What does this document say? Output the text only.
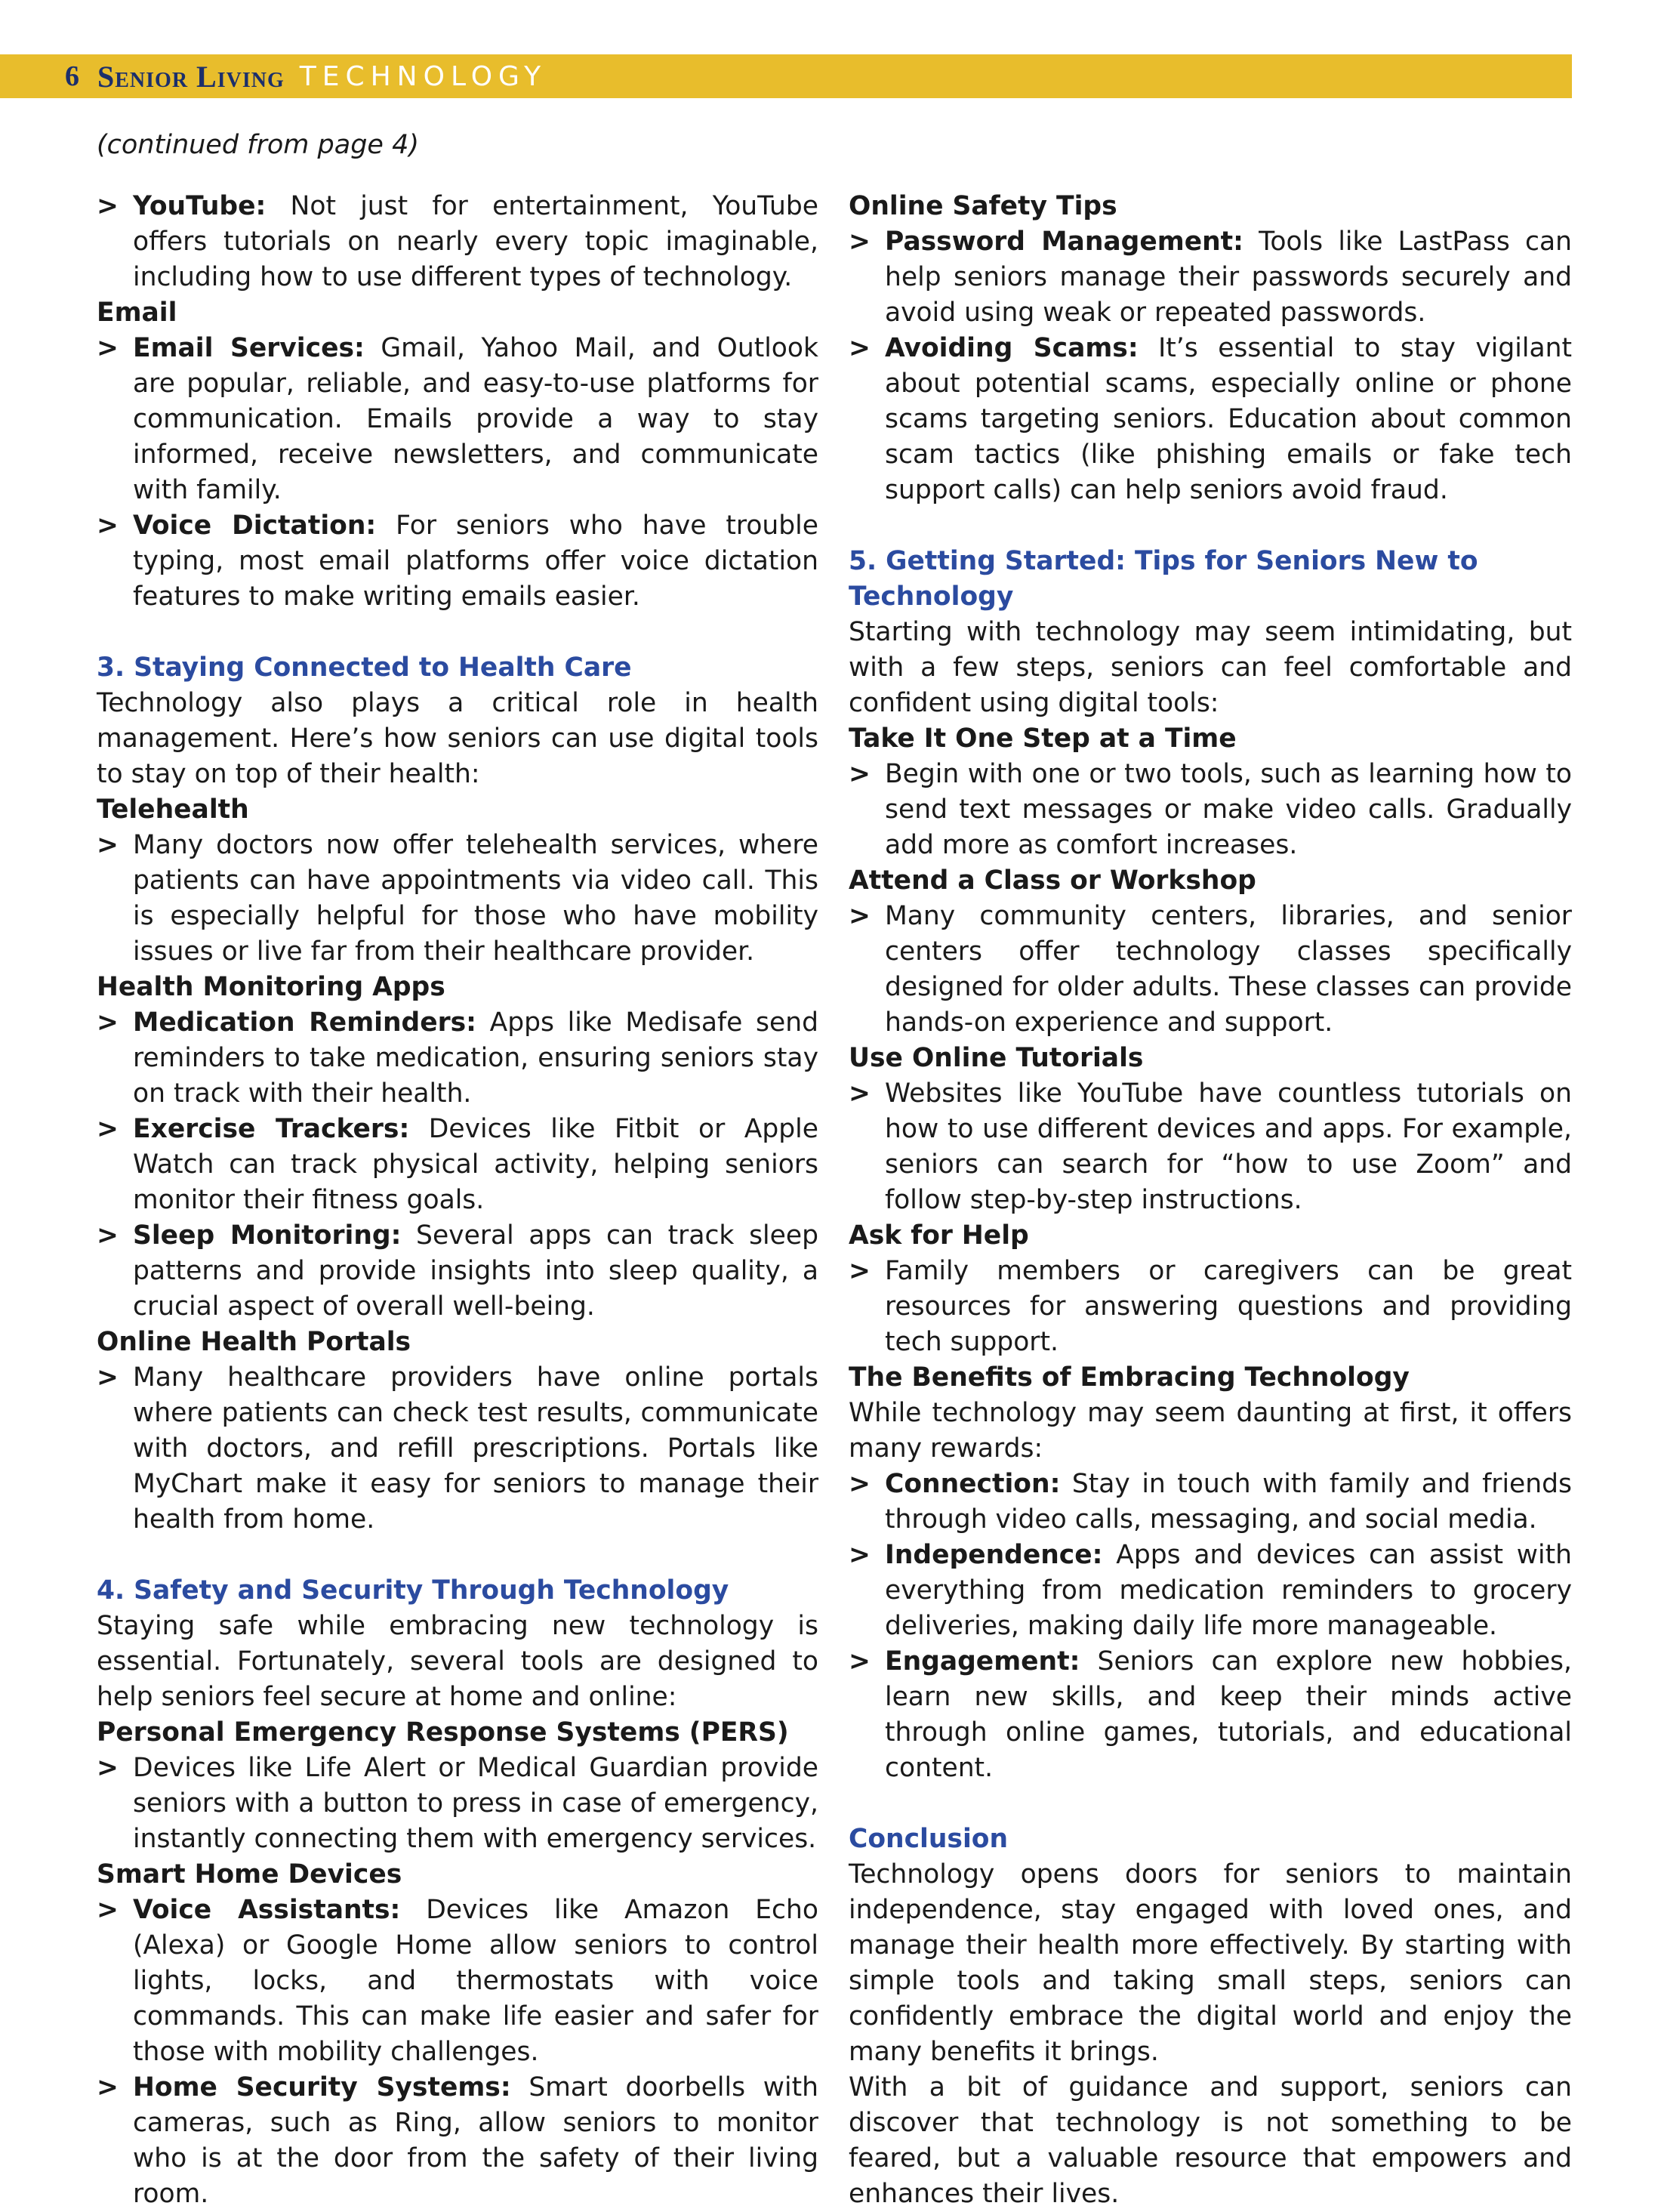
6 Senior Living TECHNOLOGY
(continued from page 4)

> YouTube: Not just for entertainment, YouTube offers tutorials on nearly every topic imaginable, including how to use different types of technology.

Email

> Email Services: Gmail, Yahoo Mail, and Outlook are popular, reliable, and easy-to-use platforms for communication. Emails provide a way to stay informed, receive newsletters, and communicate with family.

> Voice Dictation: For seniors who have trouble typing, most email platforms offer voice dictation features to make writing emails easier.

3. Staying Connected to Health Care

Technology also plays a critical role in health management. Here’s how seniors can use digital tools to stay on top of their health:

Telehealth

> Many doctors now offer telehealth services, where patients can have appointments via video call. This is especially helpful for those who have mobility issues or live far from their healthcare provider.

Health Monitoring Apps

> Medication Reminders: Apps like Medisafe send reminders to take medication, ensuring seniors stay on track with their health.

> Exercise Trackers: Devices like Fitbit or Apple Watch can track physical activity, helping seniors monitor their fitness goals.

> Sleep Monitoring: Several apps can track sleep patterns and provide insights into sleep quality, a crucial aspect of overall well-being.

Online Health Portals

> Many healthcare providers have online portals where patients can check test results, communicate with doctors, and refill prescriptions. Portals like MyChart make it easy for seniors to manage their health from home.

4. Safety and Security Through Technology

Staying safe while embracing new technology is essential. Fortunately, several tools are designed to help seniors feel secure at home and online:

Personal Emergency Response Systems (PERS)

> Devices like Life Alert or Medical Guardian provide seniors with a button to press in case of emergency, instantly connecting them with emergency services.

Smart Home Devices

> Voice Assistants: Devices like Amazon Echo (Alexa) or Google Home allow seniors to control lights, locks, and thermostats with voice commands. This can make life easier and safer for those with mobility challenges.

> Home Security Systems: Smart doorbells with cameras, such as Ring, allow seniors to monitor who is at the door from the safety of their living room.

Online Safety Tips

> Password Management: Tools like LastPass can help seniors manage their passwords securely and avoid using weak or repeated passwords.

> Avoiding Scams: It’s essential to stay vigilant about potential scams, especially online or phone scams targeting seniors. Education about common scam tactics (like phishing emails or fake tech support calls) can help seniors avoid fraud.

5. Getting Started: Tips for Seniors New to Technology

Starting with technology may seem intimidating, but with a few steps, seniors can feel comfortable and confident using digital tools:

Take It One Step at a Time

> Begin with one or two tools, such as learning how to send text messages or make video calls. Gradually add more as comfort increases.

Attend a Class or Workshop

> Many community centers, libraries, and senior centers offer technology classes specifically designed for older adults. These classes can provide hands-on experience and support.

Use Online Tutorials

> Websites like YouTube have countless tutorials on how to use different devices and apps. For example, seniors can search for “how to use Zoom” and follow step-by-step instructions.

Ask for Help

> Family members or caregivers can be great resources for answering questions and providing tech support.

The Benefits of Embracing Technology

While technology may seem daunting at first, it offers many rewards:

> Connection: Stay in touch with family and friends through video calls, messaging, and social media.

> Independence: Apps and devices can assist with everything from medication reminders to grocery deliveries, making daily life more manageable.

> Engagement: Seniors can explore new hobbies, learn new skills, and keep their minds active through online games, tutorials, and educational content.

Conclusion

Technology opens doors for seniors to maintain independence, stay engaged with loved ones, and manage their health more effectively. By starting with simple tools and taking small steps, seniors can confidently embrace the digital world and enjoy the many benefits it brings.

With a bit of guidance and support, seniors can discover that technology is not something to be feared, but a valuable resource that empowers and enhances their lives.
